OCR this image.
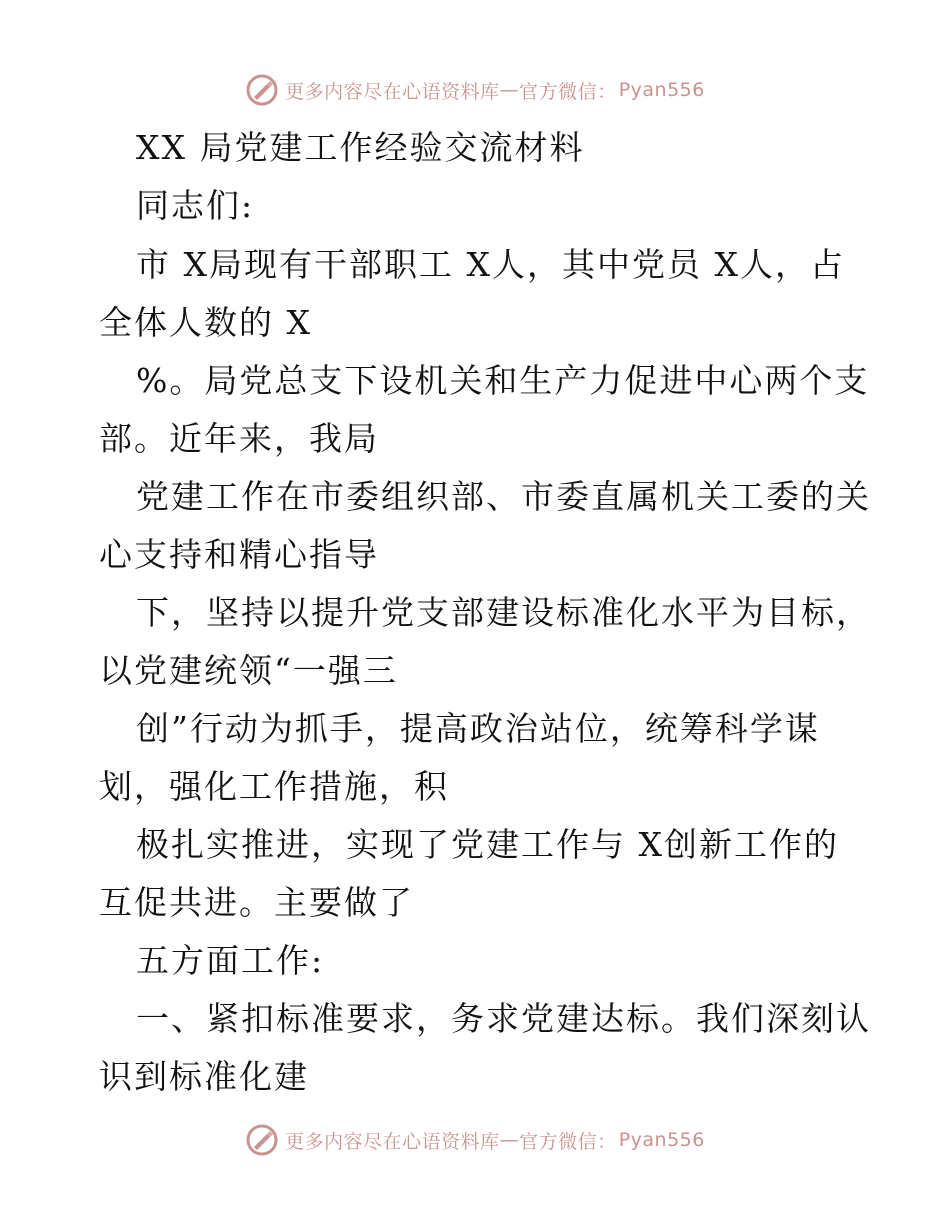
更多内容尽在心语资料库 — 官方微信： Pyan556
XX 局党建工作经验交流材料
同志们:
市 X局现有干部职工 X人，其中党员 X人，占
全体人数的 X
%。局党总支下设机关和生产力促进中心两个支
部。近年来，我局
党建工作在市委组织部、市委直属机关工委的关
心支持和精心指导
下，坚持以提升党支部建设标准化水平为目标，
以党建统领“一强三
创”行动为抓手，提高政治站位，统筹科学谋
划，强化工作措施，积
极扎实推进，实现了党建工作与 X创新工作的
互促共进。主要做了
五方面工作:
一、紧扣标准要求，务求党建达标。我们深刻认
识到标准化建
更多内容尽在心语资料库 — 官方微信： Pyan556
